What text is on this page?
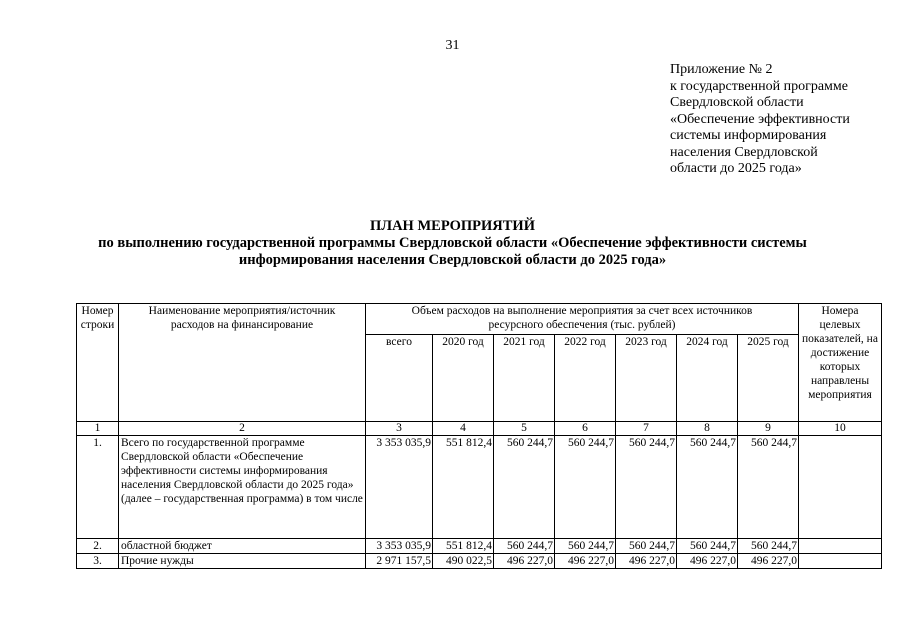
31
Приложение № 2
к государственной программе
Свердловской области
«Обеспечение эффективности
системы информирования
населения Свердловской
области до 2025 года»
ПЛАН МЕРОПРИЯТИЙ
по выполнению государственной программы Свердловской области «Обеспечение эффективности системы
информирования населения Свердловской области до 2025 года»
Номер строки	Наименование мероприятия/источник расходов на финансирование	Объем расходов на выполнение мероприятия за счет всех источников ресурсного обеспечения (тыс. рублей)							Номера целевых показателей, на достижение которых направлены мероприятия
		всего	2020 год	2021 год	2022 год	2023 год	2024 год	2025 год	
1	2	3	4	5	6	7	8	9	10
1.	Всего по государственной программе Свердловской области «Обеспечение эффективности системы информирования населения Свердловской области до 2025 года» (далее – государственная программа) в том числе	3 353 035,9	551 812,4	560 244,7	560 244,7	560 244,7	560 244,7	560 244,7	
2.	областной бюджет	3 353 035,9	551 812,4	560 244,7	560 244,7	560 244,7	560 244,7	560 244,7	
3.	Прочие нужды	2 971 157,5	490 022,5	496 227,0	496 227,0	496 227,0	496 227,0	496 227,0	
